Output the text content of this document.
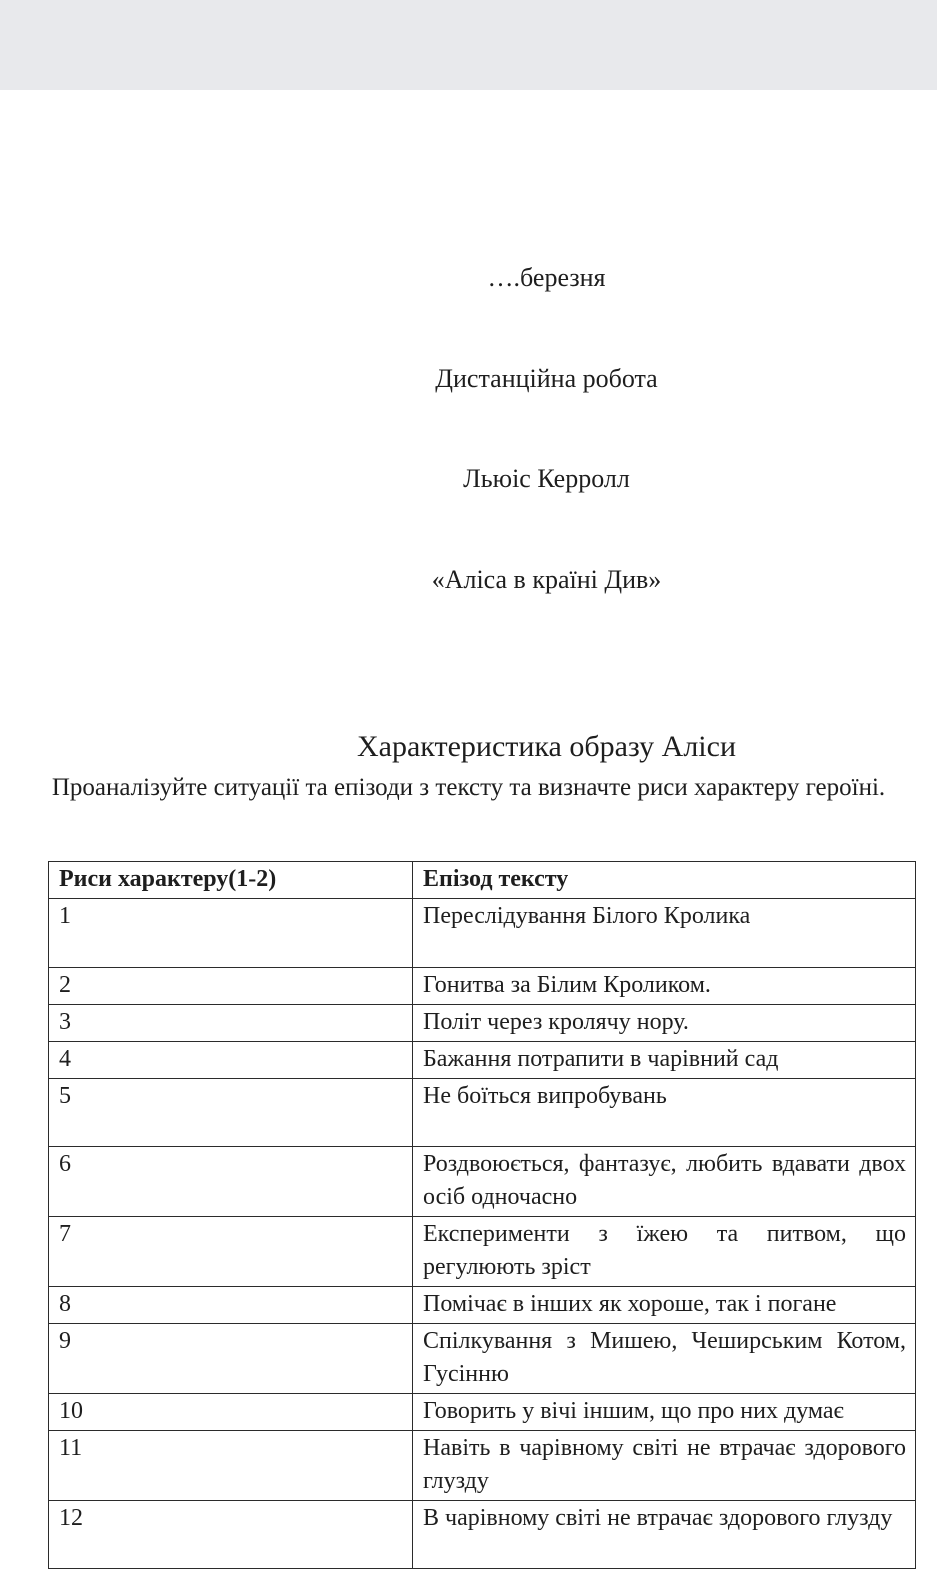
….березня

Дистанційна робота

Льюіс Керролл

«Аліса в країні Див»

Характеристика образу Аліси
Проаналізуйте ситуації та епізоди з тексту та визначте риси характеру героїні.
Риси характеру(1-2)	Епізод тексту
1	Переслідування Білого Кролика
2	Гонитва за Білим Кроликом.
3	Політ через кролячу нору.
4	Бажання потрапити в чарівний сад
5	Не боїться випробувань
6	Роздвоюється, фантазує, любить вдавати двох осіб одночасно
7	Експерименти з їжею та питвом, що регулюють зріст
8	Помічає в інших як хороше, так і погане
9	Спілкування з Мишею, Чеширським Котом, Гусінню
10	Говорить у вічі іншим, що про них думає
11	Навіть в чарівному світі не втрачає здорового глузду
12	В чарівному світі не втрачає здорового глузду
